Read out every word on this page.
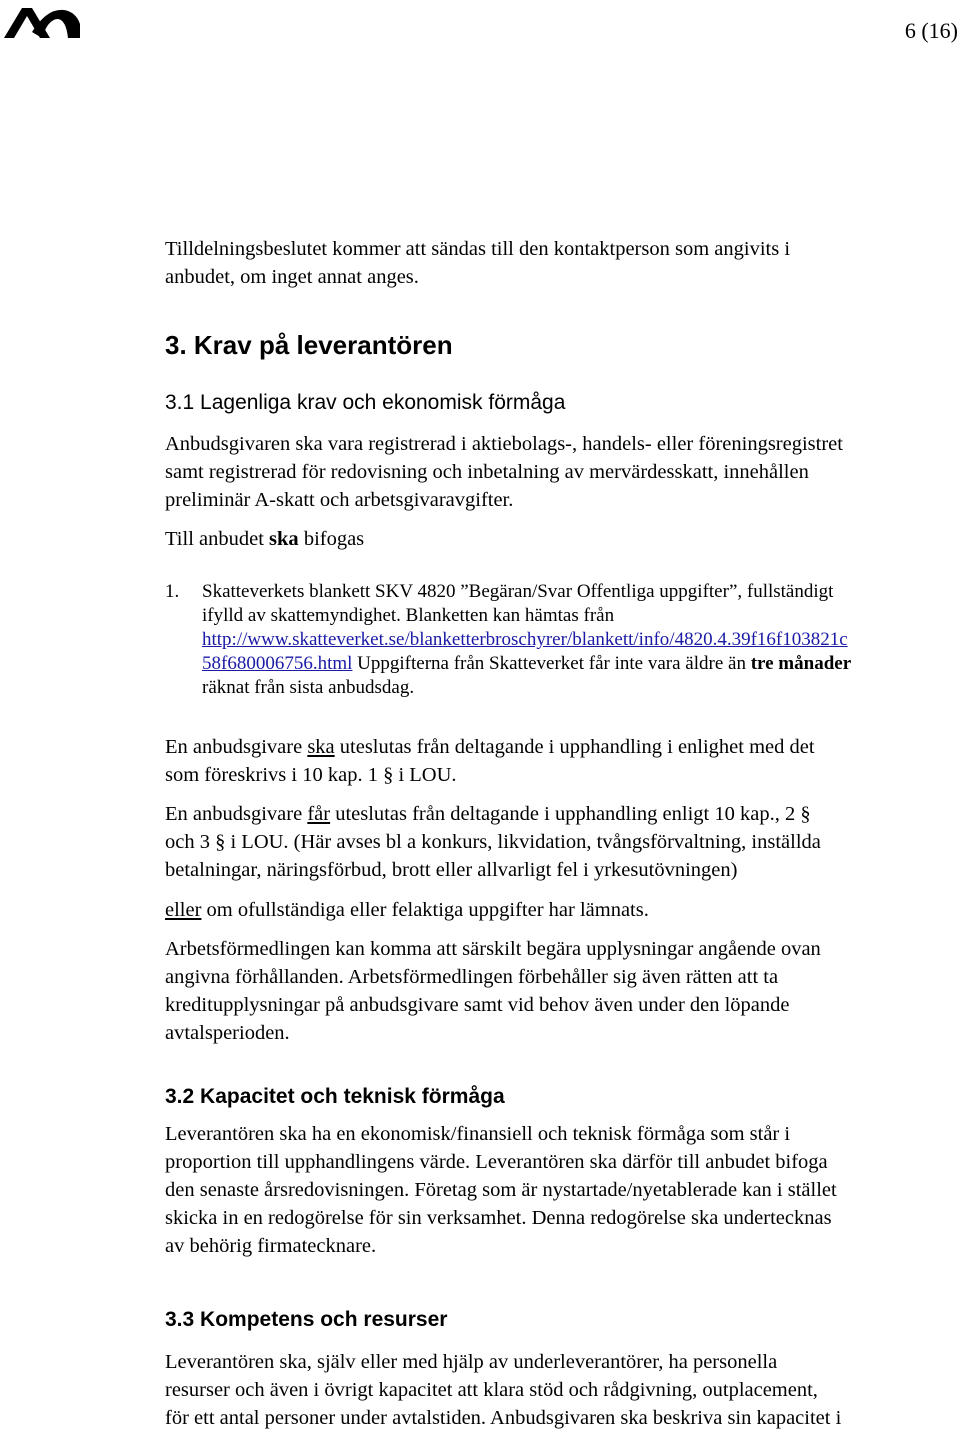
6 (16)

Tilldelningsbeslutet kommer att sändas till den kontaktperson som angivits i

anbudet, om inget annat anges.

3. Krav på leverantören
3.1 Lagenliga krav och ekonomisk förmåga

Anbudsgivaren ska vara registrerad i aktiebolags-, handels- eller föreningsregistret

samt registrerad för redovisning och inbetalning av mervärdesskatt, innehållen

preliminär A-skatt och arbetsgivaravgifter.

Till anbudet ska bifogas

1. Skatteverkets blankett SKV 4820 ”Begäran/Svar Offentliga uppgifter”, fullständigt
ifylld av skattemyndighet. Blanketten kan hämtas från
http://www.skatteverket.se/blanketterbroschyrer/blankett/info/4820.4.39f16f103821c
58f680006756.html Uppgifterna från Skatteverket får inte vara äldre än tre månader
räknat från sista anbudsdag.

En anbudsgivare ska uteslutas från deltagande i upphandling i enlighet med det

som föreskrivs i 10 kap. 1 § i LOU.

En anbudsgivare får uteslutas från deltagande i upphandling enligt 10 kap., 2 §

och 3 § i LOU. (Här avses bl a konkurs, likvidation, tvångsförvaltning, inställda

betalningar, näringsförbud, brott eller allvarligt fel i yrkesutövningen)

eller om ofullständiga eller felaktiga uppgifter har lämnats.

Arbetsförmedlingen kan komma att särskilt begära upplysningar angående ovan

angivna förhållanden. Arbetsförmedlingen förbehåller sig även rätten att ta

kreditupplysningar på anbudsgivare samt vid behov även under den löpande

avtalsperioden.

3.2 Kapacitet och teknisk förmåga

Leverantören ska ha en ekonomisk/finansiell och teknisk förmåga som står i

proportion till upphandlingens värde. Leverantören ska därför till anbudet bifoga

den senaste årsredovisningen. Företag som är nystartade/nyetablerade kan i stället

skicka in en redogörelse för sin verksamhet. Denna redogörelse ska undertecknas

av behörig firmatecknare.

3.3 Kompetens och resurser

Leverantören ska, själv eller med hjälp av underleverantörer, ha personella

resurser och även i övrigt kapacitet att klara stöd och rådgivning, outplacement,

för ett antal personer under avtalstiden. Anbudsgivaren ska beskriva sin kapacitet i
